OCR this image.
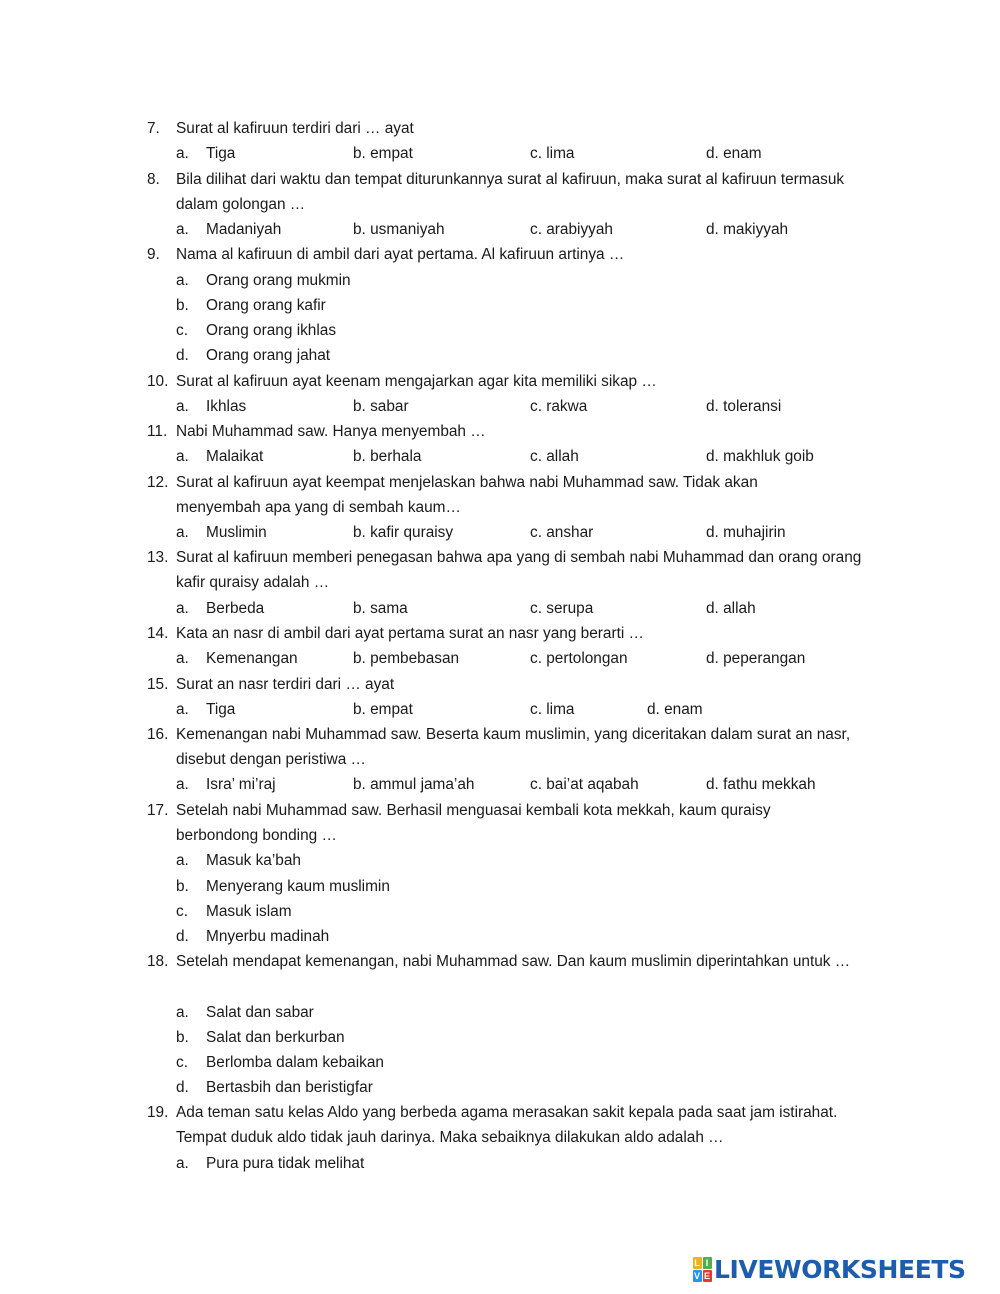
7. Surat al kafiruun terdiri dari … ayat
a. Tiga	b. empat	c. lima	d. enam
8. Bila dilihat dari waktu dan tempat diturunkannya surat al kafiruun, maka surat al kafiruun termasuk dalam golongan …
a. Madaniyah	b. usmaniyah	c. arabiyyah	d. makiyyah
9. Nama al kafiruun di ambil dari ayat pertama. Al kafiruun artinya …
a. Orang orang mukmin
b. Orang orang kafir
c. Orang orang ikhlas
d. Orang orang jahat
10. Surat al kafiruun ayat keenam mengajarkan agar kita memiliki sikap …
a. Ikhlas	b. sabar	c. rakwa	d. toleransi
11. Nabi Muhammad saw. Hanya menyembah …
a. Malaikat	b. berhala	c. allah	d. makhluk goib
12. Surat al kafiruun ayat keempat menjelaskan bahwa nabi Muhammad saw. Tidak akan menyembah apa yang di sembah kaum…
a. Muslimin	b. kafir quraisy	c. anshar	d. muhajirin
13. Surat al kafiruun memberi penegasan bahwa apa yang di sembah nabi Muhammad dan orang orang kafir quraisy adalah …
a. Berbeda	b. sama	c. serupa	d. allah
14. Kata an nasr di ambil dari ayat pertama surat an nasr yang berarti …
a. Kemenangan	b. pembebasan	c. pertolongan	d. peperangan
15. Surat an nasr terdiri dari … ayat
a. Tiga	b. empat	c. lima	d. enam
16. Kemenangan nabi Muhammad saw. Beserta kaum muslimin, yang diceritakan dalam surat an nasr, disebut dengan peristiwa …
a. Isra’ mi’raj	b. ammul jama’ah	c. bai’at aqabah	d. fathu mekkah
17. Setelah nabi Muhammad saw. Berhasil menguasai kembali kota mekkah, kaum quraisy berbondong bonding …
a. Masuk ka’bah
b. Menyerang kaum muslimin
c. Masuk islam
d. Mnyerbu madinah
18. Setelah mendapat kemenangan, nabi Muhammad saw. Dan kaum muslimin diperintahkan untuk …
a. Salat dan sabar
b. Salat dan berkurban
c. Berlomba dalam kebaikan
d. Bertasbih dan beristigfar
19. Ada teman satu kelas Aldo yang berbeda agama merasakan sakit kepala pada saat jam istirahat. Tempat duduk aldo tidak jauh darinya. Maka sebaiknya dilakukan aldo adalah …
a. Pura pura tidak melihat
L I
V E LIVEWORKSHEETS
